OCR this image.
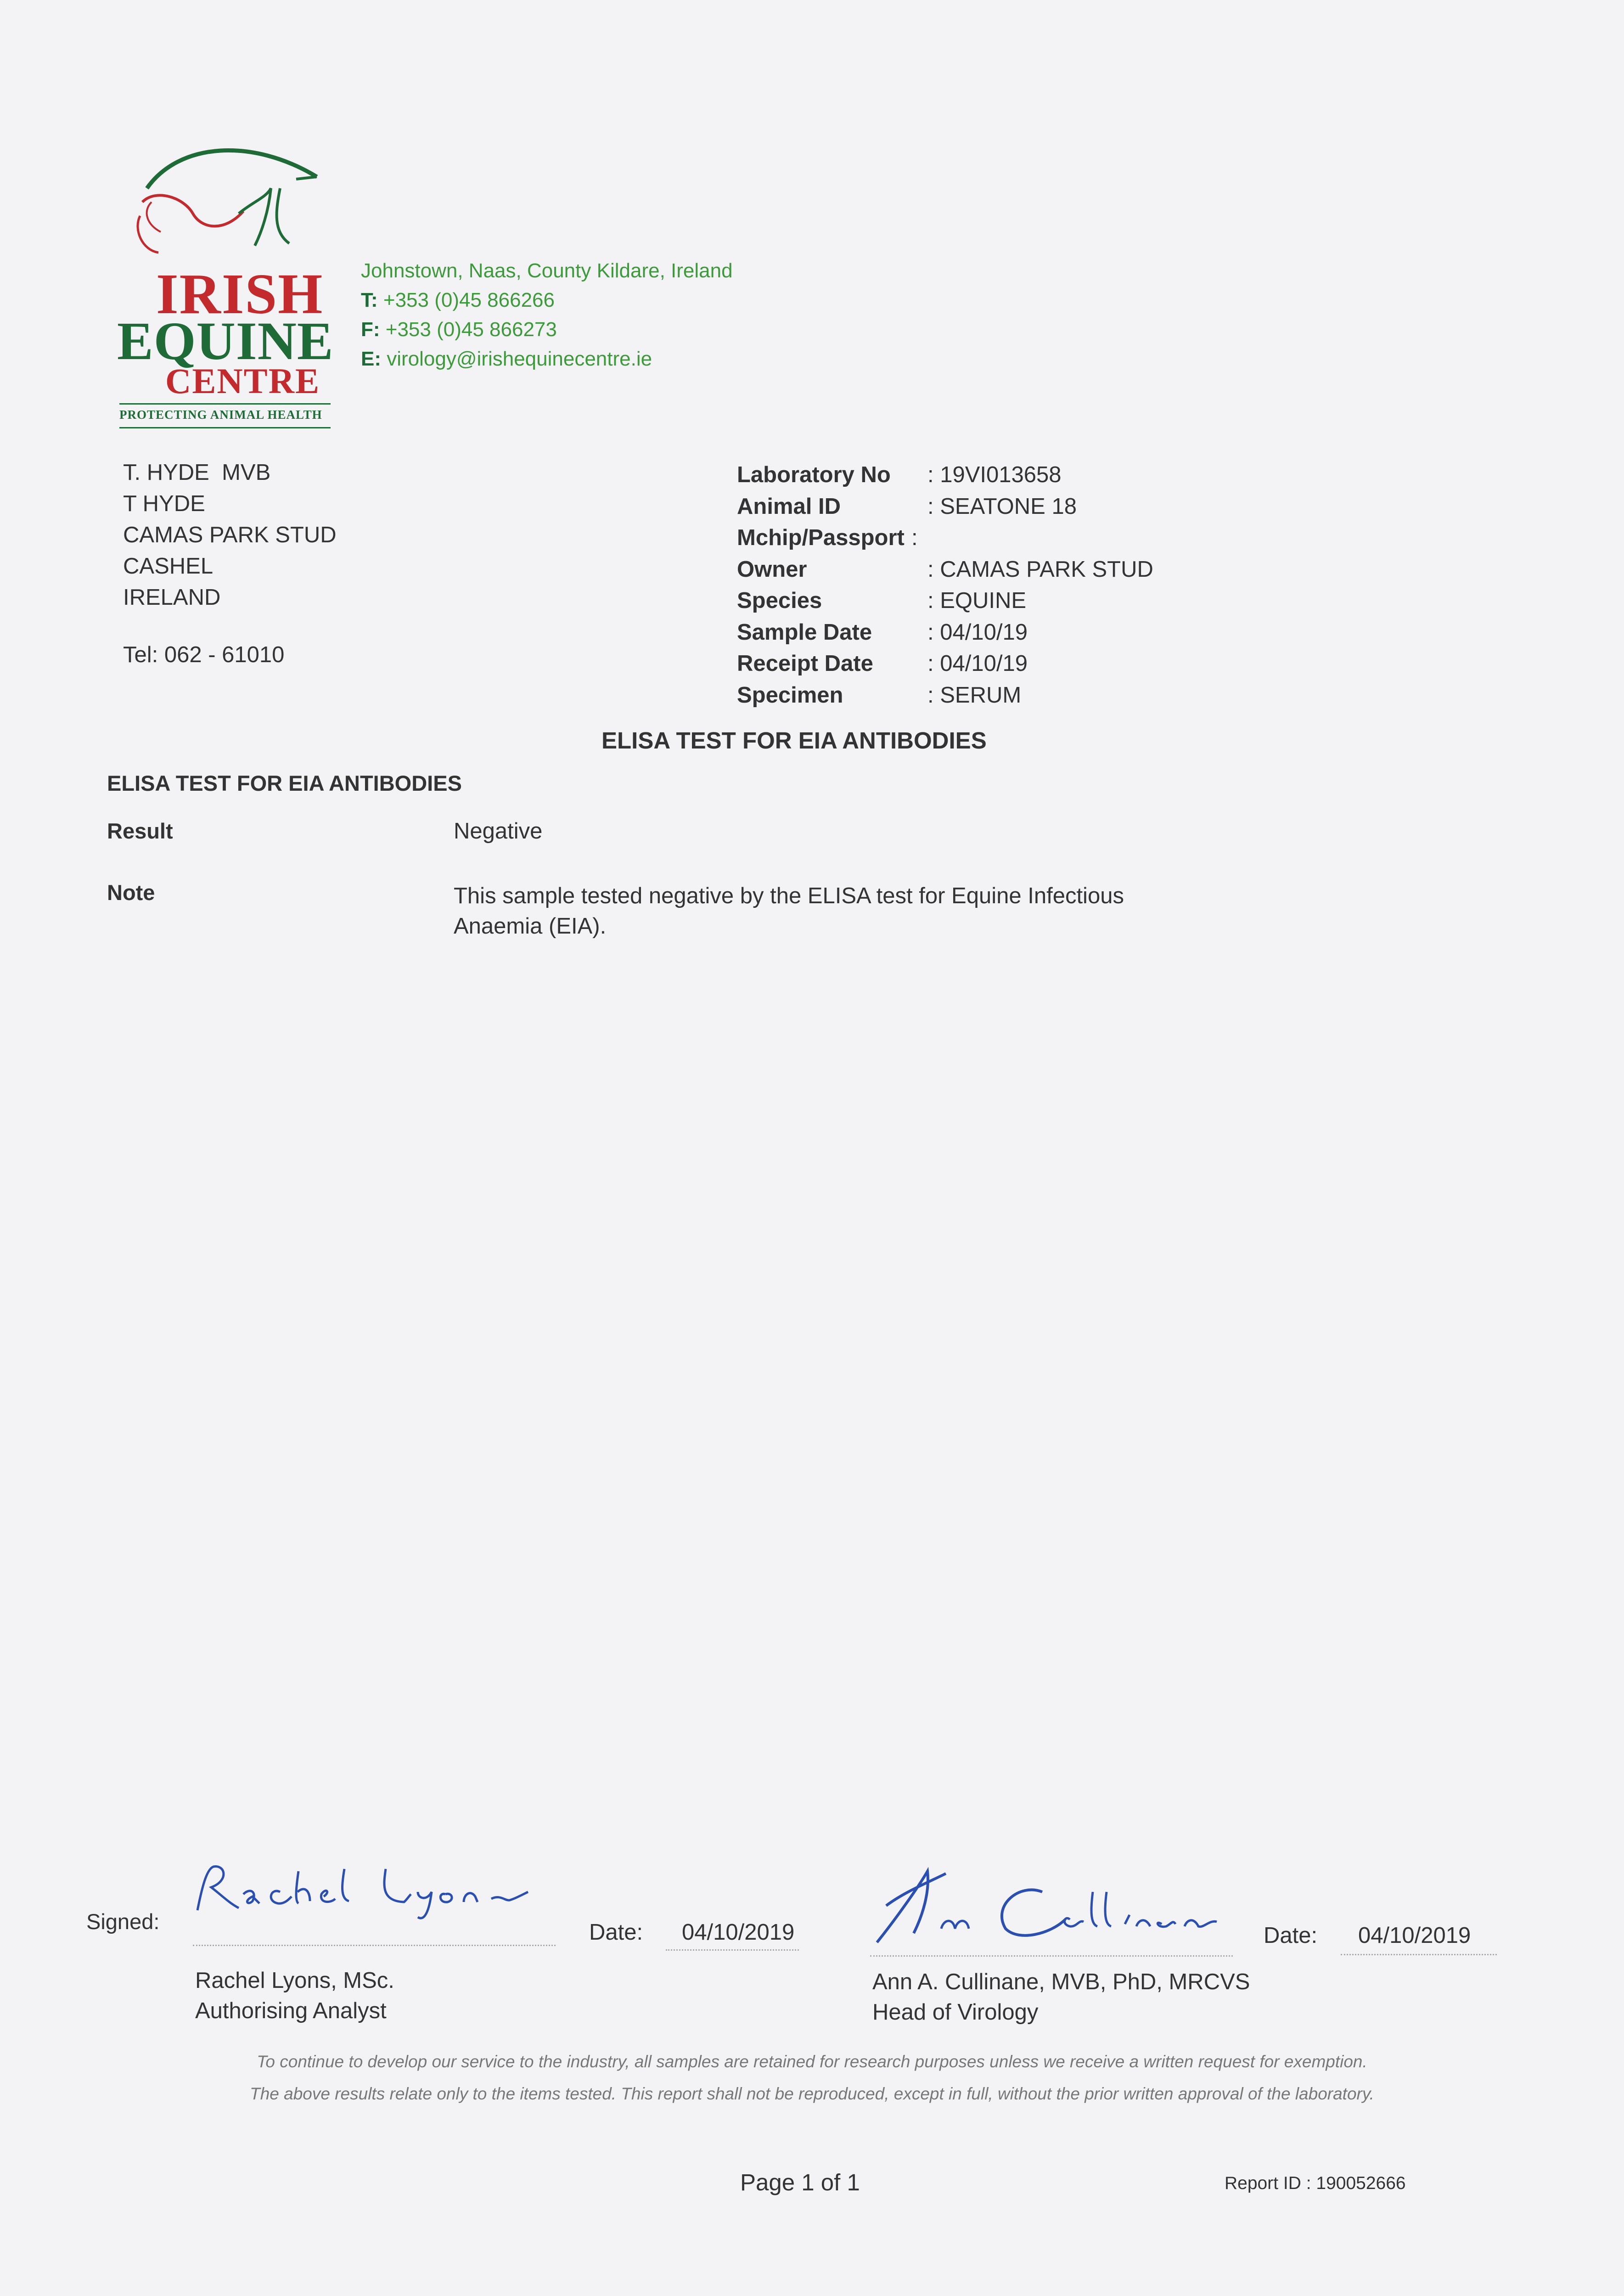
IRISH
EQUINE
CENTRE
PROTECTING ANIMAL HEALTH
Johnstown, Naas, County Kildare, Ireland
T: +353 (0)45 866266
F: +353 (0)45 866273
E: virology@irishequinecentre.ie
T. HYDE  MVB
T HYDE
CAMAS PARK STUD
CASHEL
IRELAND
Tel: 062 - 61010
Laboratory No	: 19VI013658
Animal ID	: SEATONE 18
Mchip/Passport :
Owner	: CAMAS PARK STUD
Species	: EQUINE
Sample Date	: 04/10/19
Receipt Date	: 04/10/19
Specimen	: SERUM
ELISA TEST FOR EIA ANTIBODIES
ELISA TEST FOR EIA ANTIBODIES
Result	Negative
Note	This sample tested negative by the ELISA test for Equine Infectious Anaemia (EIA).
Signed:	Date: 04/10/2019
Rachel Lyons, MSc.
Authorising Analyst
Date: 04/10/2019
Ann A. Cullinane, MVB, PhD, MRCVS
Head of Virology
To continue to develop our service to the industry, all samples are retained for research purposes unless we receive a written request for exemption.
The above results relate only to the items tested. This report shall not be reproduced, except in full, without the prior written approval of the laboratory.
Page 1 of 1	Report ID : 190052666
